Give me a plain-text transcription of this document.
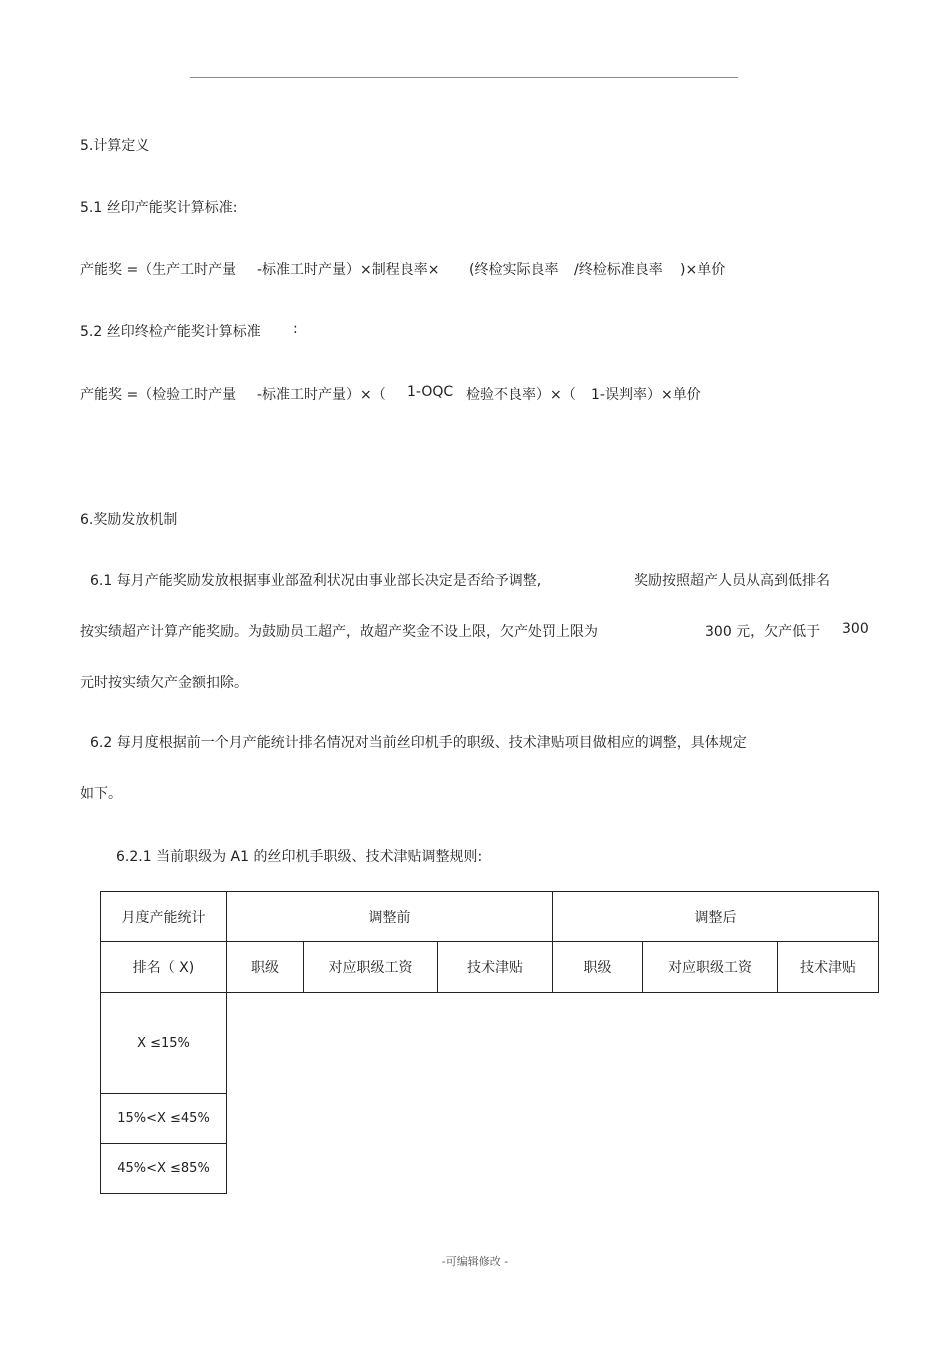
5.计算定义
5.1 丝印产能奖计算标准:
产能奖 =（生产工时产量 -标准工时产量）×制程良率× (终检实际良率 /终检标准良率 )×单价
5.2 丝印终检产能奖计算标准 :
产能奖 =（检验工时产量 -标准工时产量）×（ 1-OQC 检验不良率）×（ 1-误判率）×单价
6.奖励发放机制
6.1 每月产能奖励发放根据事业部盈利状况由事业部长决定是否给予调整,	奖励按照超产人员从高到低排名
按实绩超产计算产能奖励。为鼓励员工超产，故超产奖金不设上限，欠产处罚上限为	300 元，欠产低于 300
元时按实绩欠产金额扣除。
6.2 每月度根据前一个月产能统计排名情况对当前丝印机手的职级、技术津贴项目做相应的调整，具体规定
如下。
6.2.1 当前职级为 A1 的丝印机手职级、技术津贴调整规则:
月度产能统计	调整前			调整后		
排名（ X)	职级	对应职级工资	技术津贴	职级	对应职级工资	技术津贴
X ≤15%						
15%<X ≤45%						
45%<X ≤85%						
-可编辑修改 -
